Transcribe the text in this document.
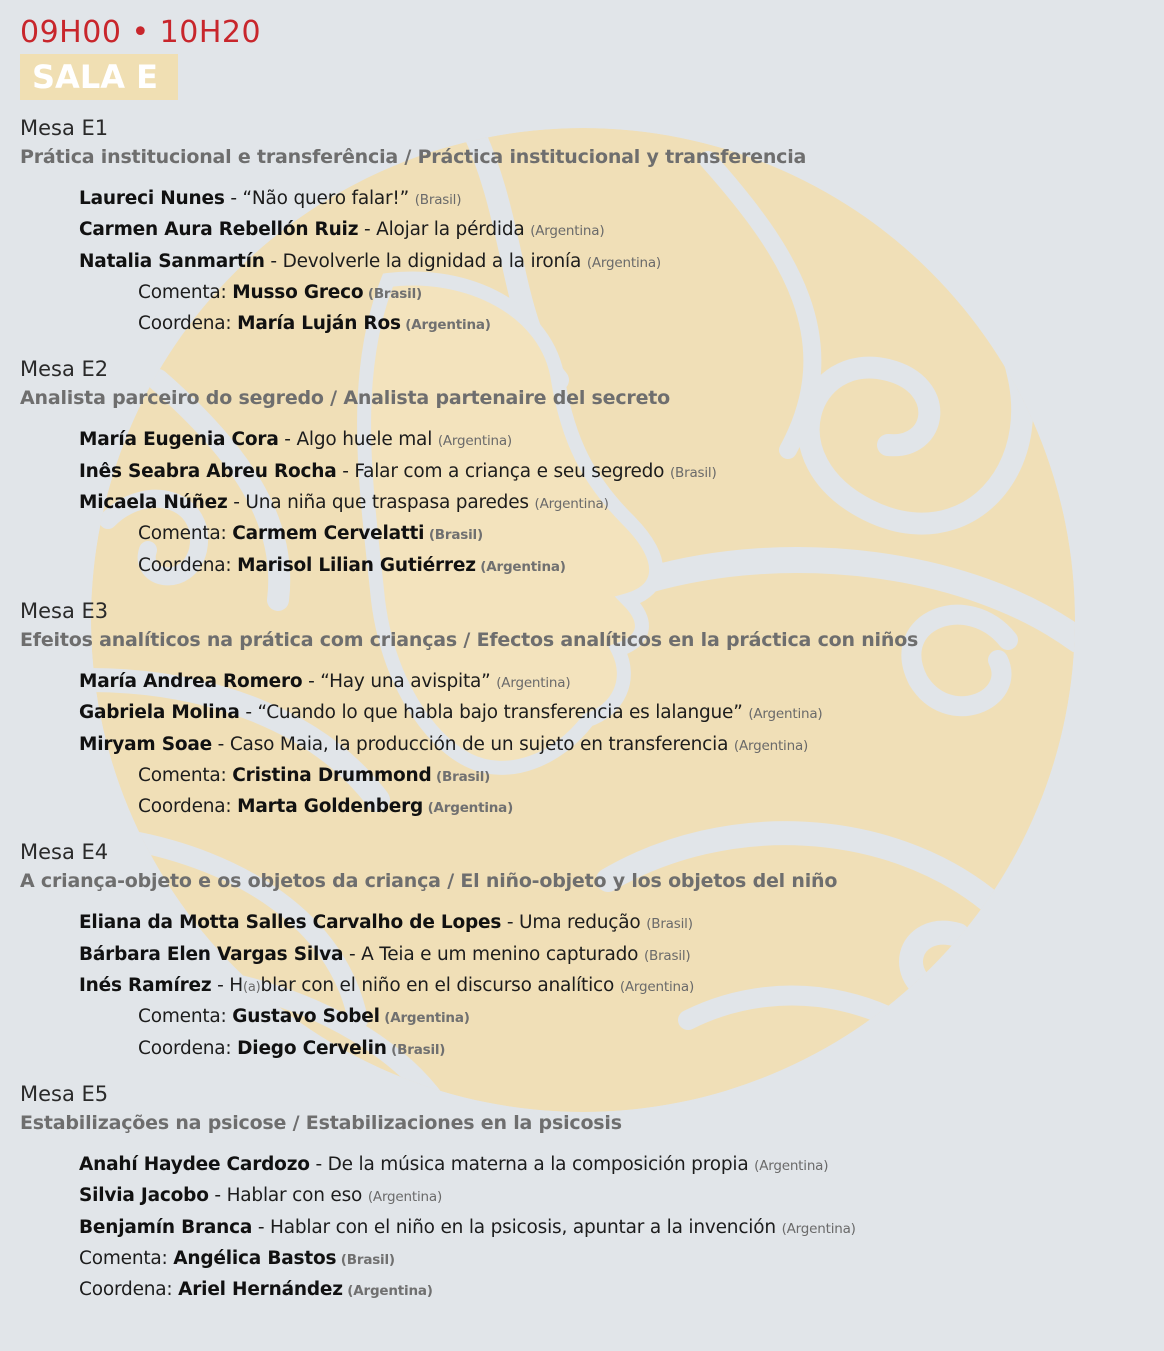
09H00 • 10H20
SALA E
Mesa E1
Prática institucional e transferência / Práctica institucional y transferencia
Laureci Nunes - “Não quero falar!” (Brasil)
Carmen Aura Rebellón Ruiz - Alojar la pérdida (Argentina)
Natalia Sanmartín - Devolverle la dignidad a la ironía (Argentina)
Comenta: Musso Greco (Brasil)
Coordena: María Luján Ros (Argentina)
Mesa E2
Analista parceiro do segredo / Analista partenaire del secreto
María Eugenia Cora - Algo huele mal (Argentina)
Inês Seabra Abreu Rocha - Falar com a criança e seu segredo (Brasil)
Micaela Núñez - Una niña que traspasa paredes (Argentina)
Comenta: Carmem Cervelatti (Brasil)
Coordena: Marisol Lilian Gutiérrez (Argentina)
Mesa E3
Efeitos analíticos na prática com crianças / Efectos analíticos en la práctica con niños
María Andrea Romero - “Hay una avispita” (Argentina)
Gabriela Molina - “Cuando lo que habla bajo transferencia es lalangue” (Argentina)
Miryam Soae - Caso Maia, la producción de un sujeto en transferencia (Argentina)
Comenta: Cristina Drummond (Brasil)
Coordena: Marta Goldenberg (Argentina)
Mesa E4
A criança-objeto e os objetos da criança / El niño-objeto y los objetos del niño
Eliana da Motta Salles Carvalho de Lopes - Uma redução (Brasil)
Bárbara Elen Vargas Silva - A Teia e um menino capturado (Brasil)
Inés Ramírez - H(a)blar con el niño en el discurso analítico (Argentina)
Comenta: Gustavo Sobel (Argentina)
Coordena: Diego Cervelin (Brasil)
Mesa E5
Estabilizações na psicose / Estabilizaciones en la psicosis
Anahí Haydee Cardozo - De la música materna a la composición propia (Argentina)
Silvia Jacobo - Hablar con eso (Argentina)
Benjamín Branca - Hablar con el niño en la psicosis, apuntar a la invención (Argentina)
Comenta: Angélica Bastos (Brasil)
Coordena: Ariel Hernández (Argentina)
